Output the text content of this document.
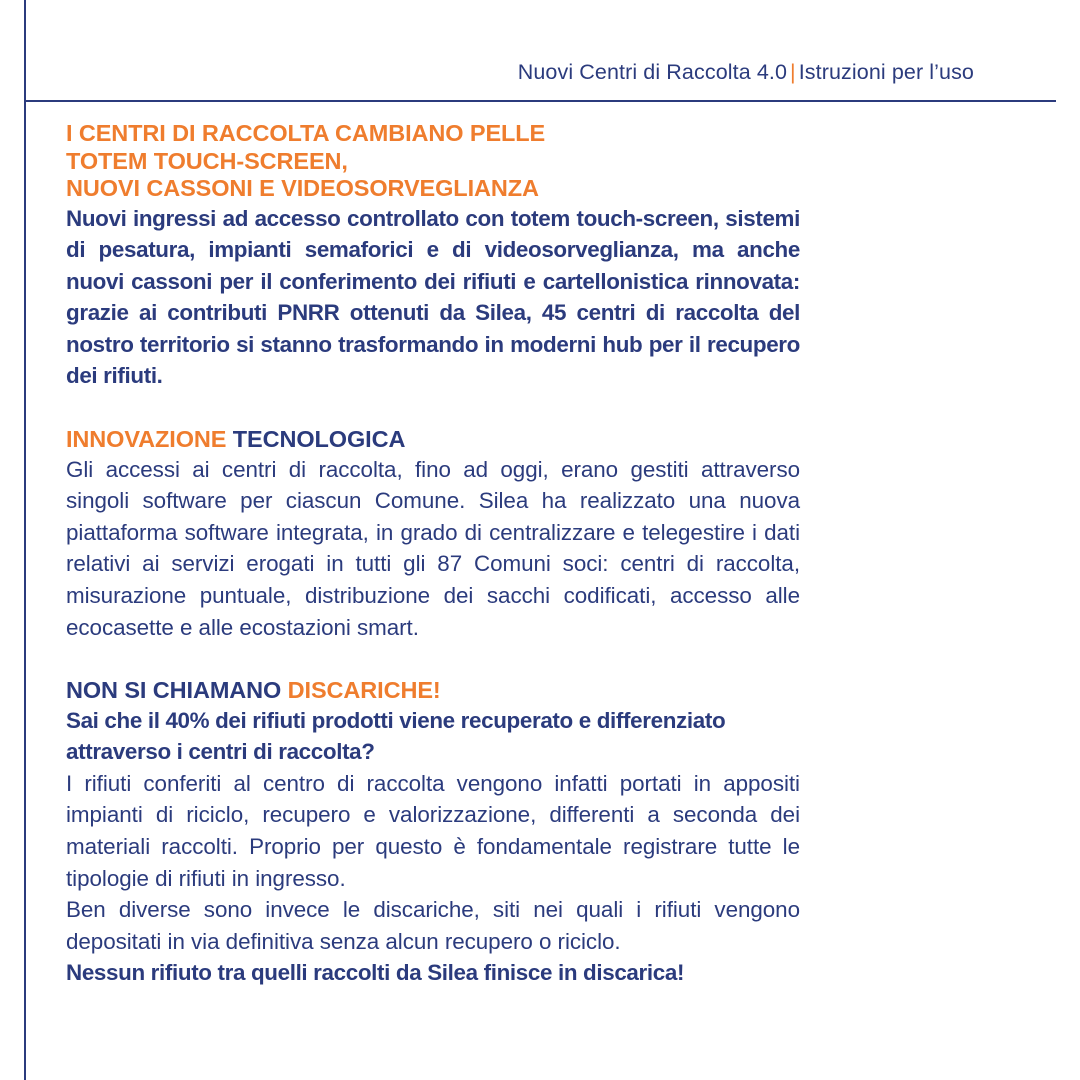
Nuovi Centri di Raccolta 4.0 | Istruzioni per l’uso
I CENTRI DI RACCOLTA CAMBIANO PELLE
TOTEM TOUCH-SCREEN,
NUOVI CASSONI E VIDEOSORVEGLIANZA

Nuovi ingressi ad accesso controllato con totem touch-screen, sistemi di pesatura, impianti semaforici e di videosorveglianza, ma anche nuovi cassoni per il conferimento dei rifiuti e cartellonistica rinnovata: grazie ai contributi PNRR ottenuti da Silea, 45 centri di raccolta del nostro territorio si stanno trasformando in moderni hub per il recupero dei rifiuti.

INNOVAZIONE TECNOLOGICA

Gli accessi ai centri di raccolta, fino ad oggi, erano gestiti attraverso singoli software per ciascun Comune. Silea ha realizzato una nuova piattaforma software integrata, in grado di centralizzare e telegestire i dati relativi ai servizi erogati in tutti gli 87 Comuni soci: centri di raccolta, misurazione puntuale, distribuzione dei sacchi codificati, accesso alle ecocasette e alle ecostazioni smart.

NON SI CHIAMANO DISCARICHE!

Sai che il 40% dei rifiuti prodotti viene recuperato e differenziato attraverso i centri di raccolta?

I rifiuti conferiti al centro di raccolta vengono infatti portati in appositi impianti di riciclo, recupero e valorizzazione, differenti a seconda dei materiali raccolti. Proprio per questo è fondamentale registrare tutte le tipologie di rifiuti in ingresso.

Ben diverse sono invece le discariche, siti nei quali i rifiuti vengono depositati in via definitiva senza alcun recupero o riciclo.

Nessun rifiuto tra quelli raccolti da Silea finisce in discarica!
